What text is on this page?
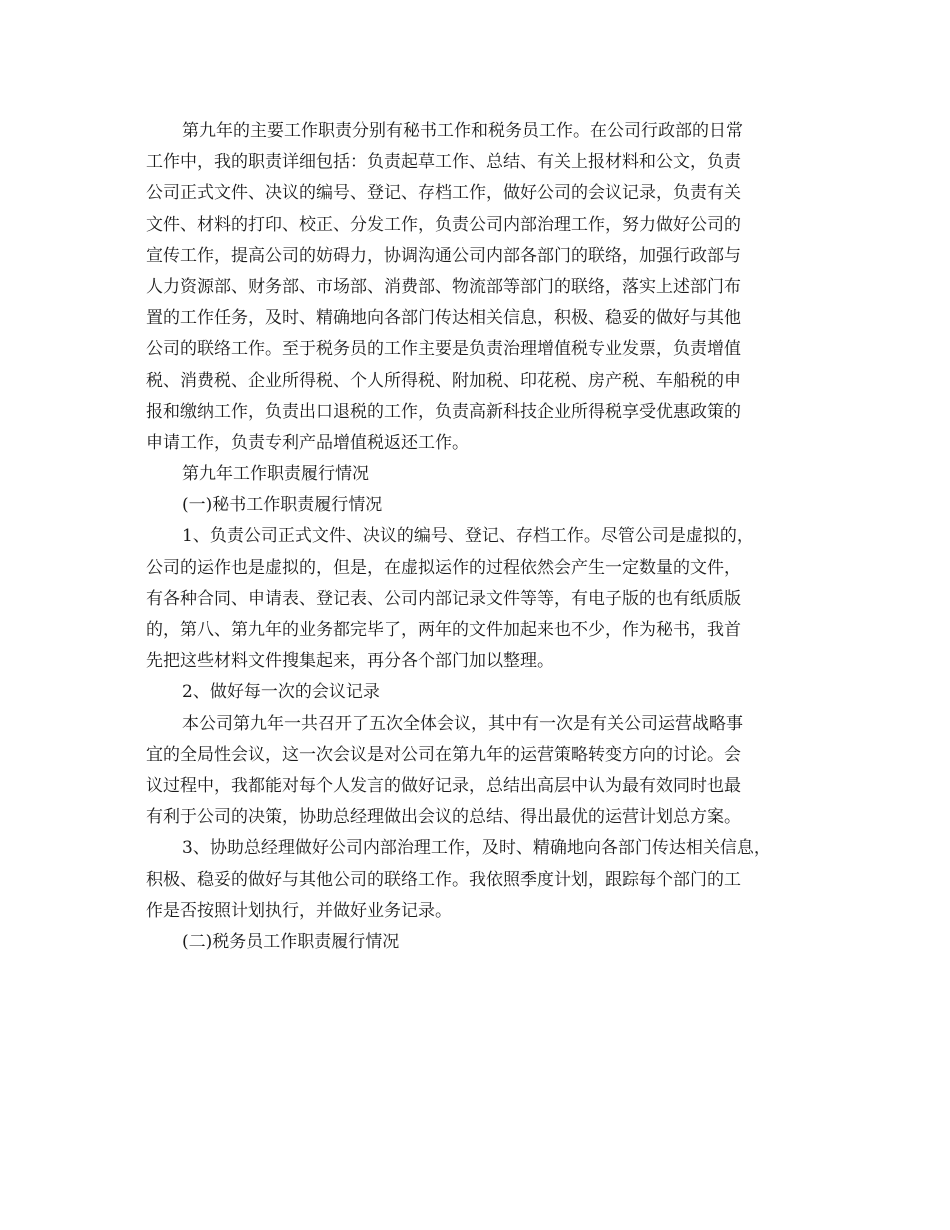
第九年的主要工作职责分别有秘书工作和税务员工作。在公司行政部的日常
工作中，我的职责详细包括：负责起草工作、总结、有关上报材料和公文，负责
公司正式文件、决议的编号、登记、存档工作，做好公司的会议记录，负责有关
文件、材料的打印、校正、分发工作，负责公司内部治理工作，努力做好公司的
宣传工作，提高公司的妨碍力，协调沟通公司内部各部门的联络，加强行政部与
人力资源部、财务部、市场部、消费部、物流部等部门的联络，落实上述部门布
置的工作任务，及时、精确地向各部门传达相关信息，积极、稳妥的做好与其他
公司的联络工作。至于税务员的工作主要是负责治理增值税专业发票，负责增值
税、消费税、企业所得税、个人所得税、附加税、印花税、房产税、车船税的申
报和缴纳工作，负责出口退税的工作，负责高新科技企业所得税享受优惠政策的
申请工作，负责专利产品增值税返还工作。
第九年工作职责履行情况
(一)秘书工作职责履行情况
1、负责公司正式文件、决议的编号、登记、存档工作。尽管公司是虚拟的，
公司的运作也是虚拟的，但是，在虚拟运作的过程依然会产生一定数量的文件，
有各种合同、申请表、登记表、公司内部记录文件等等，有电子版的也有纸质版
的，第八、第九年的业务都完毕了，两年的文件加起来也不少，作为秘书，我首
先把这些材料文件搜集起来，再分各个部门加以整理。
2、做好每一次的会议记录
本公司第九年一共召开了五次全体会议，其中有一次是有关公司运营战略事
宜的全局性会议，这一次会议是对公司在第九年的运营策略转变方向的讨论。会
议过程中，我都能对每个人发言的做好记录，总结出高层中认为最有效同时也最
有利于公司的决策，协助总经理做出会议的总结、得出最优的运营计划总方案。
3、协助总经理做好公司内部治理工作，及时、精确地向各部门传达相关信息，
积极、稳妥的做好与其他公司的联络工作。我依照季度计划，跟踪每个部门的工
作是否按照计划执行，并做好业务记录。
(二)税务员工作职责履行情况
